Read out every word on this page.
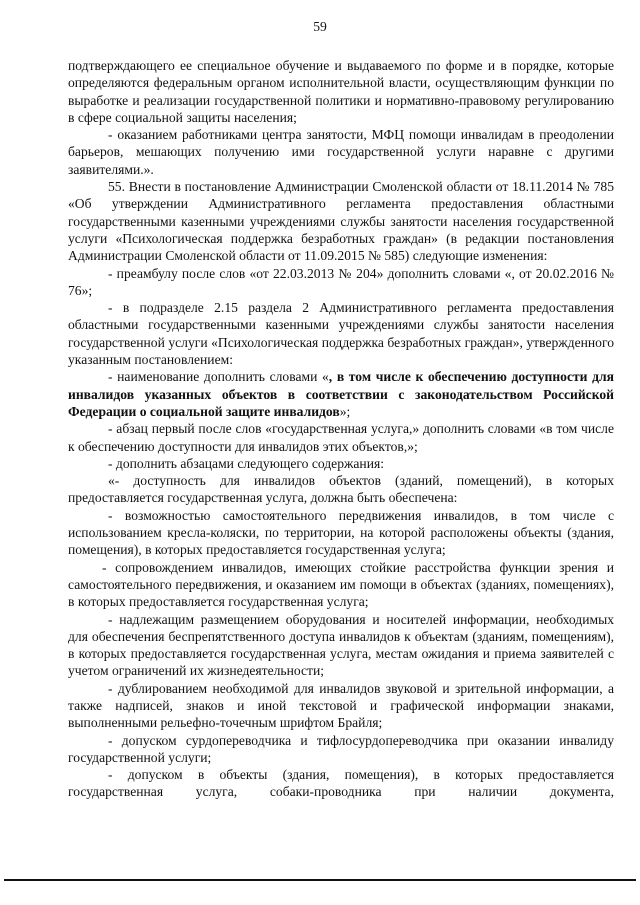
59

подтверждающего ее специальное обучение и выдаваемого по форме и в порядке, которые определяются федеральным органом исполнительной власти, осуществляющим функции по выработке и реализации государственной политики и нормативно-правовому регулированию в сфере социальной защиты населения;

- оказанием работниками центра занятости, МФЦ помощи инвалидам в преодолении барьеров, мешающих получению ими государственной услуги наравне с другими заявителями.».

55. Внести в постановление Администрации Смоленской области от 18.11.2014 № 785 «Об утверждении Административного регламента предоставления областными государственными казенными учреждениями службы занятости населения государственной услуги «Психологическая поддержка безработных граждан» (в редакции постановления Администрации Смоленской области от 11.09.2015 № 585) следующие изменения:

- преамбулу после слов «от 22.03.2013 № 204» дополнить словами «, от 20.02.2016 № 76»;

- в подразделе 2.15 раздела 2 Административного регламента предоставления областными государственными казенными учреждениями службы занятости населения государственной услуги «Психологическая поддержка безработных граждан», утвержденного указанным постановлением:

- наименование дополнить словами «, в том числе к обеспечению доступности для инвалидов указанных объектов в соответствии с законодательством Российской Федерации о социальной защите инвалидов»;

- абзац первый после слов «государственная услуга,» дополнить словами «в том числе к обеспечению доступности для инвалидов этих объектов,»;

- дополнить абзацами следующего содержания:

«- доступность для инвалидов объектов (зданий, помещений), в которых предоставляется государственная услуга, должна быть обеспечена:

- возможностью самостоятельного передвижения инвалидов, в том числе с использованием кресла-коляски, по территории, на которой расположены объекты (здания, помещения), в которых предоставляется государственная услуга;

- сопровождением инвалидов, имеющих стойкие расстройства функции зрения и самостоятельного передвижения, и оказанием им помощи в объектах (зданиях, помещениях), в которых предоставляется государственная услуга;

- надлежащим размещением оборудования и носителей информации, необходимых для обеспечения беспрепятственного доступа инвалидов к объектам (зданиям, помещениям), в которых предоставляется государственная услуга, местам ожидания и приема заявителей с учетом ограничений их жизнедеятельности;

- дублированием необходимой для инвалидов звуковой и зрительной информации, а также надписей, знаков и иной текстовой и графической информации знаками, выполненными рельефно-точечным шрифтом Брайля;

- допуском сурдопереводчика и тифлосурдопереводчика при оказании инвалиду государственной услуги;

- допуском в объекты (здания, помещения), в которых предоставляется государственная услуга, собаки-проводника при наличии документа,
